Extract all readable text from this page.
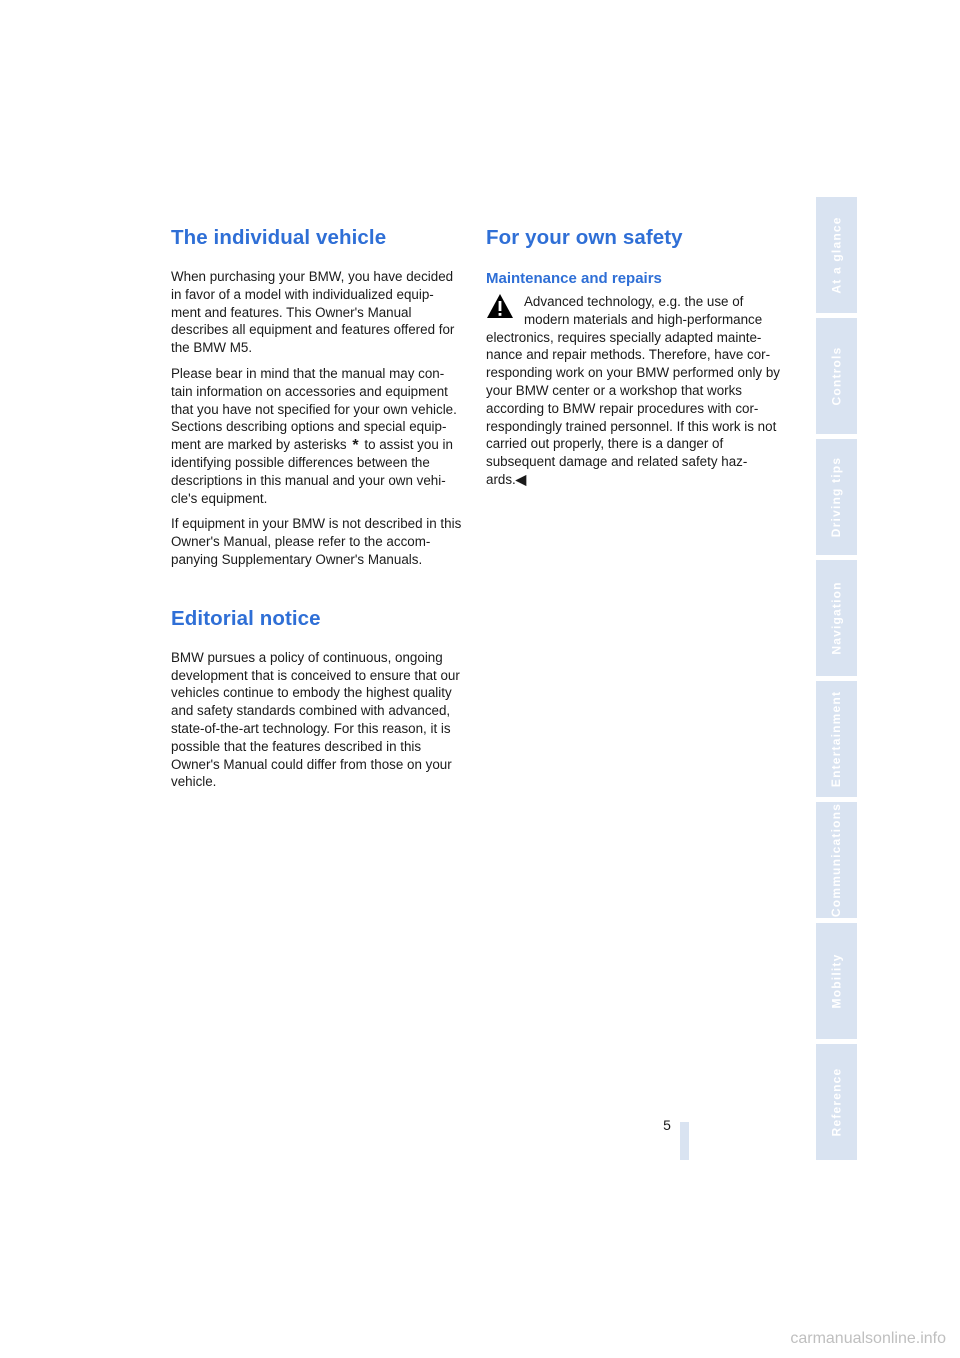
The individual vehicle

When purchasing your BMW, you have decided in favor of a model with individualized equip-ment and features. This Owner's Manual describes all equipment and features offered for the BMW M5.

Please bear in mind that the manual may con-tain information on accessories and equipment that you have not specified for your own vehicle. Sections describing options and special equip-ment are marked by asterisks * to assist you in identifying possible differences between the descriptions in this manual and your own vehi-cle's equipment.

If equipment in your BMW is not described in this Owner's Manual, please refer to the accom-panying Supplementary Owner's Manuals.

Editorial notice

BMW pursues a policy of continuous, ongoing development that is conceived to ensure that our vehicles continue to embody the highest quality and safety standards combined with advanced, state-of-the-art technology. For this reason, it is possible that the features described in this Owner's Manual could differ from those on your vehicle.

For your own safety
Maintenance and repairs

Advanced technology, e.g. the use of modern materials and high-performance electronics, requires specially adapted mainte-nance and repair methods. Therefore, have cor-responding work on your BMW performed only by your BMW center or a workshop that works according to BMW repair procedures with cor-respondingly trained personnel. If this work is not carried out properly, there is a danger of subsequent damage and related safety haz-ards.◀

At a glance
Controls
Driving tips
Navigation
Entertainment
Communications
Mobility
Reference
5
carmanualsonline.info
